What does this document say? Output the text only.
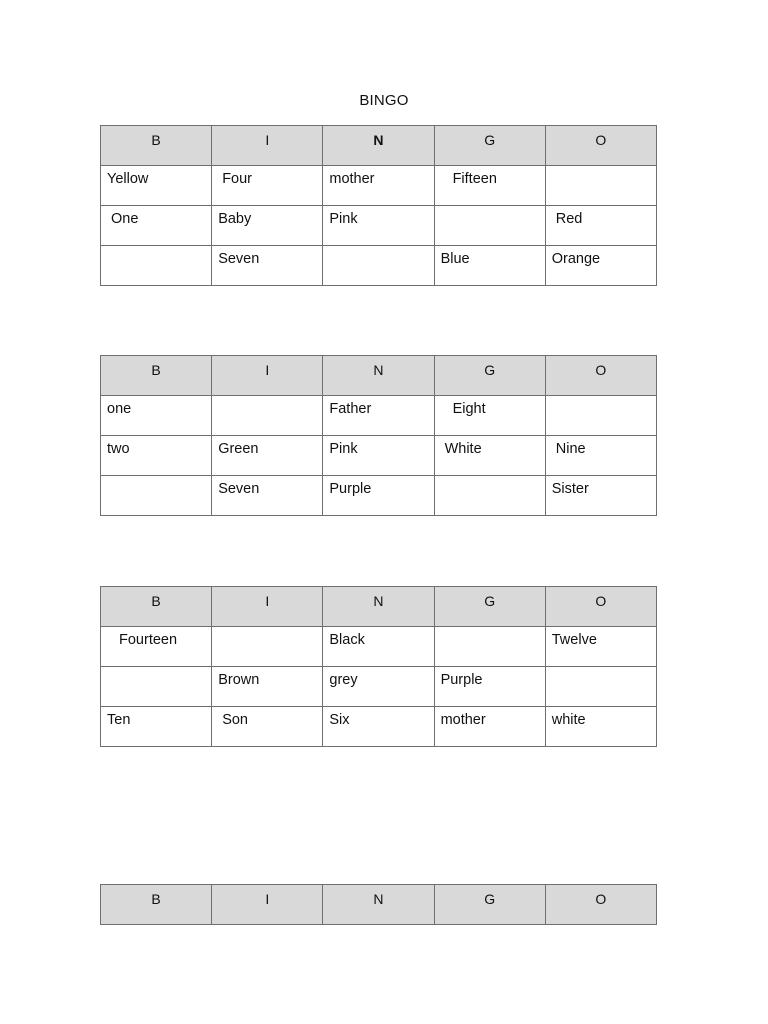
BINGO
B	I	N	G	O
Yellow	Four	mother	Fifteen	
One	Baby	Pink		Red
	Seven		Blue	Orange
B	I	N	G	O
one		Father	Eight	
two	Green	Pink	White	Nine
	Seven	Purple		Sister
B	I	N	G	O
Fourteen		Black		Twelve
	Brown	grey	Purple	
Ten	Son	Six	mother	white
B	I	N	G	O
